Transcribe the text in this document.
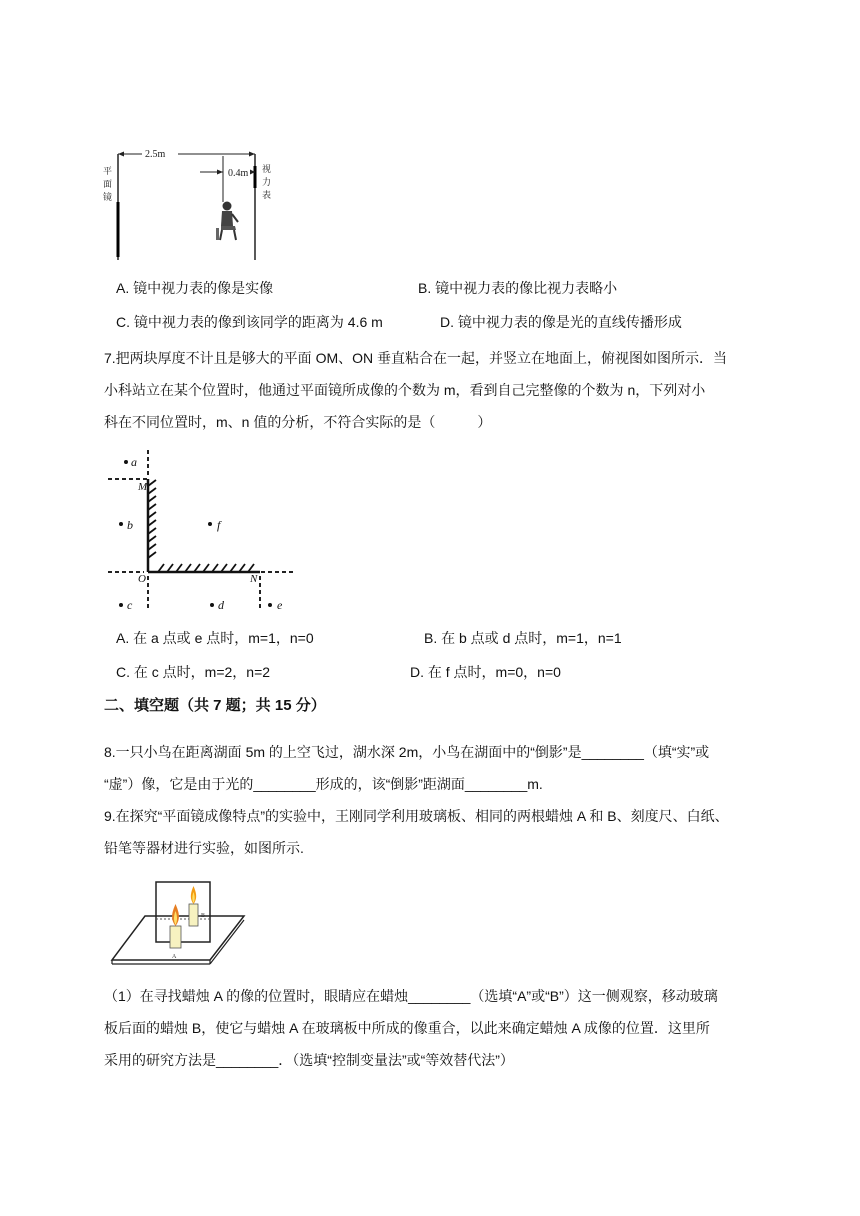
2.5m
0.4m
平
面
镜
视
力
表
A. 镜中视力表的像是实像	B. 镜中视力表的像比视力表略小
C. 镜中视力表的像到该同学的距离为 4.6 m	D. 镜中视力表的像是光的直线传播形成
7.把两块厚度不计且是够大的平面 OM、ON 垂直粘合在一起，并竖立在地面上，俯视图如图所示．当
小科站立在某个位置时，他通过平面镜所成像的个数为 m，看到自己完整像的个数为 n，下列对小
科在不同位置时，m、n 值的分析，不符合实际的是（　　　）
M
O	N
a
b	f
c	d	e
A. 在 a 点或 e 点时，m=1，n=0	B. 在 b 点或 d 点时，m=1，n=1
C. 在 c 点时，m=2，n=2	D. 在 f 点时，m=0，n=0
二、填空题（共 7 题；共 15 分）
8.一只小鸟在距离湖面 5m 的上空飞过，湖水深 2m，小鸟在湖面中的“倒影”是________（填“实”或
“虚”）像，它是由于光的________形成的，该“倒影”距湖面________m.
9.在探究“平面镜成像特点”的实验中，王刚同学利用玻璃板、相同的两根蜡烛 A 和 B、刻度尺、白纸、
铅笔等器材进行实验，如图所示.
B
A
（1）在寻找蜡烛 A 的像的位置时，眼睛应在蜡烛________（选填“A”或“B”）这一侧观察，移动玻璃
板后面的蜡烛 B，使它与蜡烛 A 在玻璃板中所成的像重合，以此来确定蜡烛 A 成像的位置．这里所
采用的研究方法是________．（选填“控制变量法”或“等效替代法”）
